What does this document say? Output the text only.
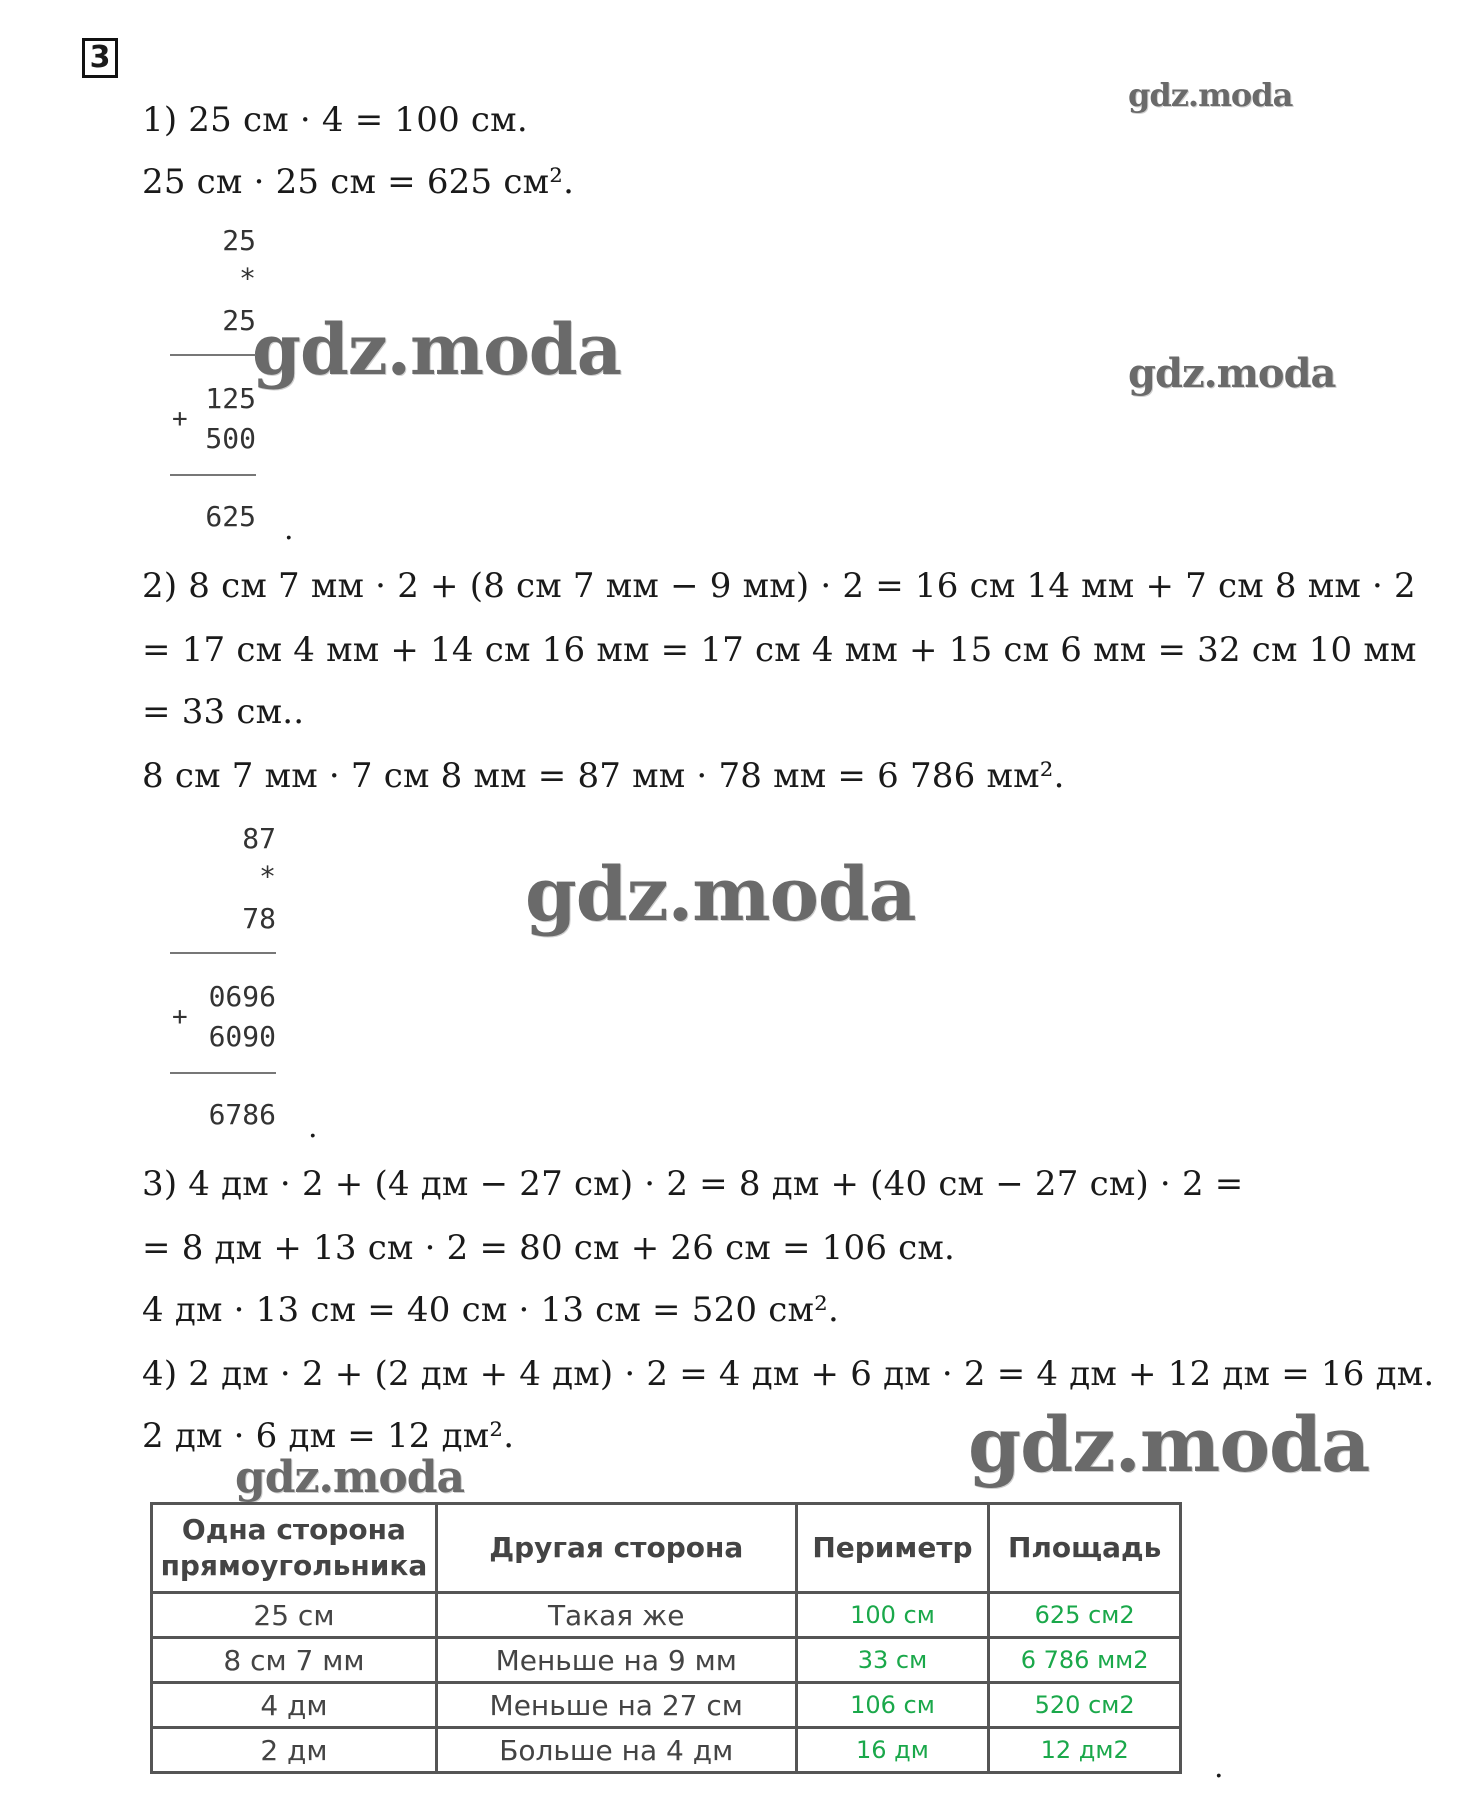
3
gdz.moda
gdz.moda	gdz.moda
gdz.moda
gdz.moda
gdz.moda
1) 25 см · 4 = 100 см.
25 см · 25 см = 625 см².
25
*
25
125
+
500
625 .
2) 8 см 7 мм · 2 + (8 см 7 мм − 9 мм) · 2 = 16 см 14 мм + 7 см 8 мм · 2
= 17 см 4 мм + 14 см 16 мм = 17 см 4 мм + 15 см 6 мм = 32 см 10 мм
= 33 см..
8 см 7 мм · 7 см 8 мм = 87 мм · 78 мм = 6 786 мм².
87
*
78
0696
+
6090
6786 .
3) 4 дм · 2 + (4 дм − 27 см) · 2 = 8 дм + (40 см − 27 см) · 2 =
= 8 дм + 13 см · 2 = 80 см + 26 см = 106 см.
4 дм · 13 см = 40 см · 13 см = 520 см².
4) 2 дм · 2 + (2 дм + 4 дм) · 2 = 4 дм + 6 дм · 2 = 4 дм + 12 дм = 16 дм.
2 дм · 6 дм = 12 дм².
Одна сторона прямоугольника	Другая сторона	Периметр	Площадь
25 см	Такая же	100 см	625 см2
8 см 7 мм	Меньше на 9 мм	33 см	6 786 мм2
4 дм	Меньше на 27 см	106 см	520 см2
2 дм	Больше на 4 дм	16 дм	12 дм2	.
